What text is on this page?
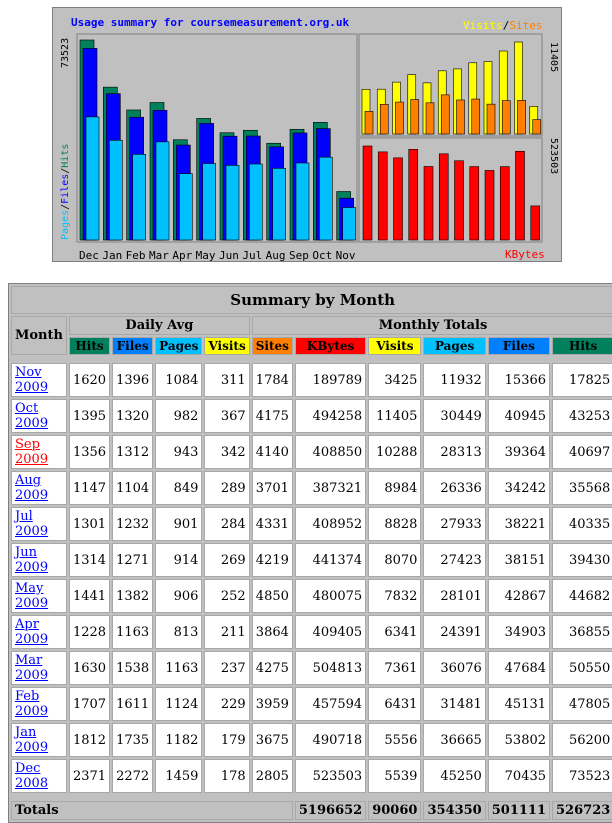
Usage summary for coursemeasurement.org.uk
Dec Jan Feb Mar Apr May Jun Jul Aug Sep Oct Nov
73523
Pages/Files/Hits
11405
523503
Visits/Sites
KBytes
Summary by Month										
Month	Daily Avg				Monthly Totals					
	Hits	Files	Pages	Visits	Sites	KBytes	Visits	Pages	Files	Hits

Nov 2009	1620	1396	1084	311	1784	189789	3425	11932	15366	17825
Oct 2009	1395	1320	982	367	4175	494258	11405	30449	40945	43253
Sep 2009	1356	1312	943	342	4140	408850	10288	28313	39364	40697
Aug 2009	1147	1104	849	289	3701	387321	8984	26336	34242	35568
Jul 2009	1301	1232	901	284	4331	408952	8828	27933	38221	40335
Jun 2009	1314	1271	914	269	4219	441374	8070	27423	38151	39430
May 2009	1441	1382	906	252	4850	480075	7832	28101	42867	44682
Apr 2009	1228	1163	813	211	3864	409405	6341	24391	34903	36855
Mar 2009	1630	1538	1163	237	4275	504813	7361	36076	47684	50550
Feb 2009	1707	1611	1124	229	3959	457594	6431	31481	45131	47805
Jan 2009	1812	1735	1182	179	3675	490718	5556	36665	53802	56200
Dec 2008	2371	2272	1459	178	2805	523503	5539	45250	70435	73523

Totals						5196652	90060	354350	501111	526723
